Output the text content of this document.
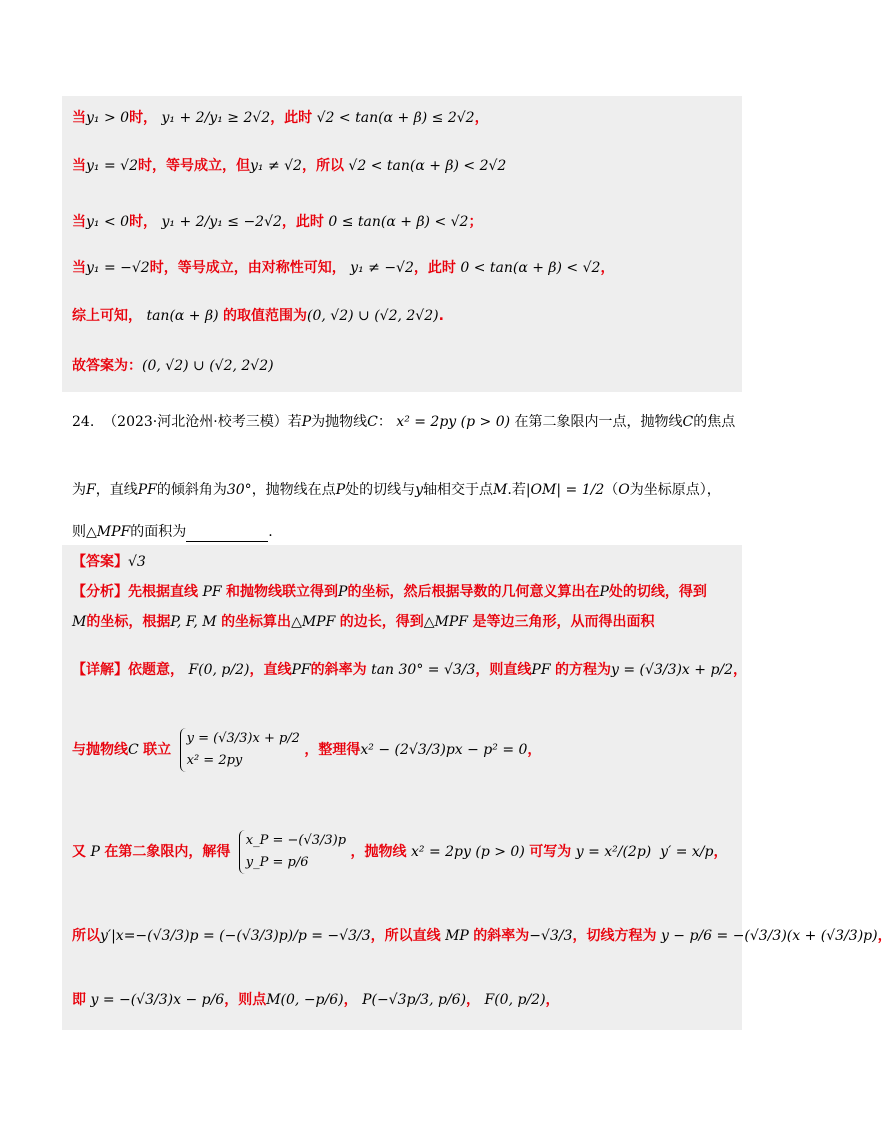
当y₁ > 0时， y₁ + 2/y₁ ≥ 2√2，此时 √2 < tan(α + β) ≤ 2√2，
当y₁ = √2时，等号成立，但y₁ ≠ √2，所以 √2 < tan(α + β) < 2√2
当y₁ < 0时， y₁ + 2/y₁ ≤ −2√2，此时 0 ≤ tan(α + β) < √2；
当y₁ = −√2时，等号成立，由对称性可知， y₁ ≠ −√2，此时 0 < tan(α + β) < √2，
综上可知， tan(α + β) 的取值范围为(0, √2) ∪ (√2, 2√2).
故答案为：(0, √2) ∪ (√2, 2√2)
24. （2023·河北沧州·校考三模）若P为抛物线C： x² = 2py (p > 0) 在第二象限内一点，抛物线C的焦点
为F，直线PF的倾斜角为30°，抛物线在点P处的切线与y轴相交于点M.若|OM| = 1/2（O为坐标原点），
则△MPF的面积为	.
【答案】√3
【分析】先根据直线 PF 和抛物线联立得到P的坐标，然后根据导数的几何意义算出在P处的切线，得到
M的坐标，根据P, F, M 的坐标算出△MPF 的边长，得到△MPF 是等边三角形，从而得出面积
【详解】依题意， F(0, p/2)，直线PF的斜率为 tan 30° = √3/3，则直线PF 的方程为y = (√3/3)x + p/2，
与抛物线C 联立
y = (√3/3)x + p/2
x² = 2py
，整理得x² − (2√3/3)px − p² = 0，
又 P 在第二象限内，解得
x_P = −(√3/3)p
y_P = p/6
，抛物线 x² = 2py (p > 0) 可写为 y = x²/(2p) y′ = x/p，
所以y′|x=−(√3/3)p = (−(√3/3)p)/p = −√3/3，所以直线 MP 的斜率为−√3/3，切线方程为 y − p/6 = −(√3/3)(x + (√3/3)p)，
即 y = −(√3/3)x − p/6，则点M(0, −p/6)， P(−√3p/3, p/6)， F(0, p/2)，
